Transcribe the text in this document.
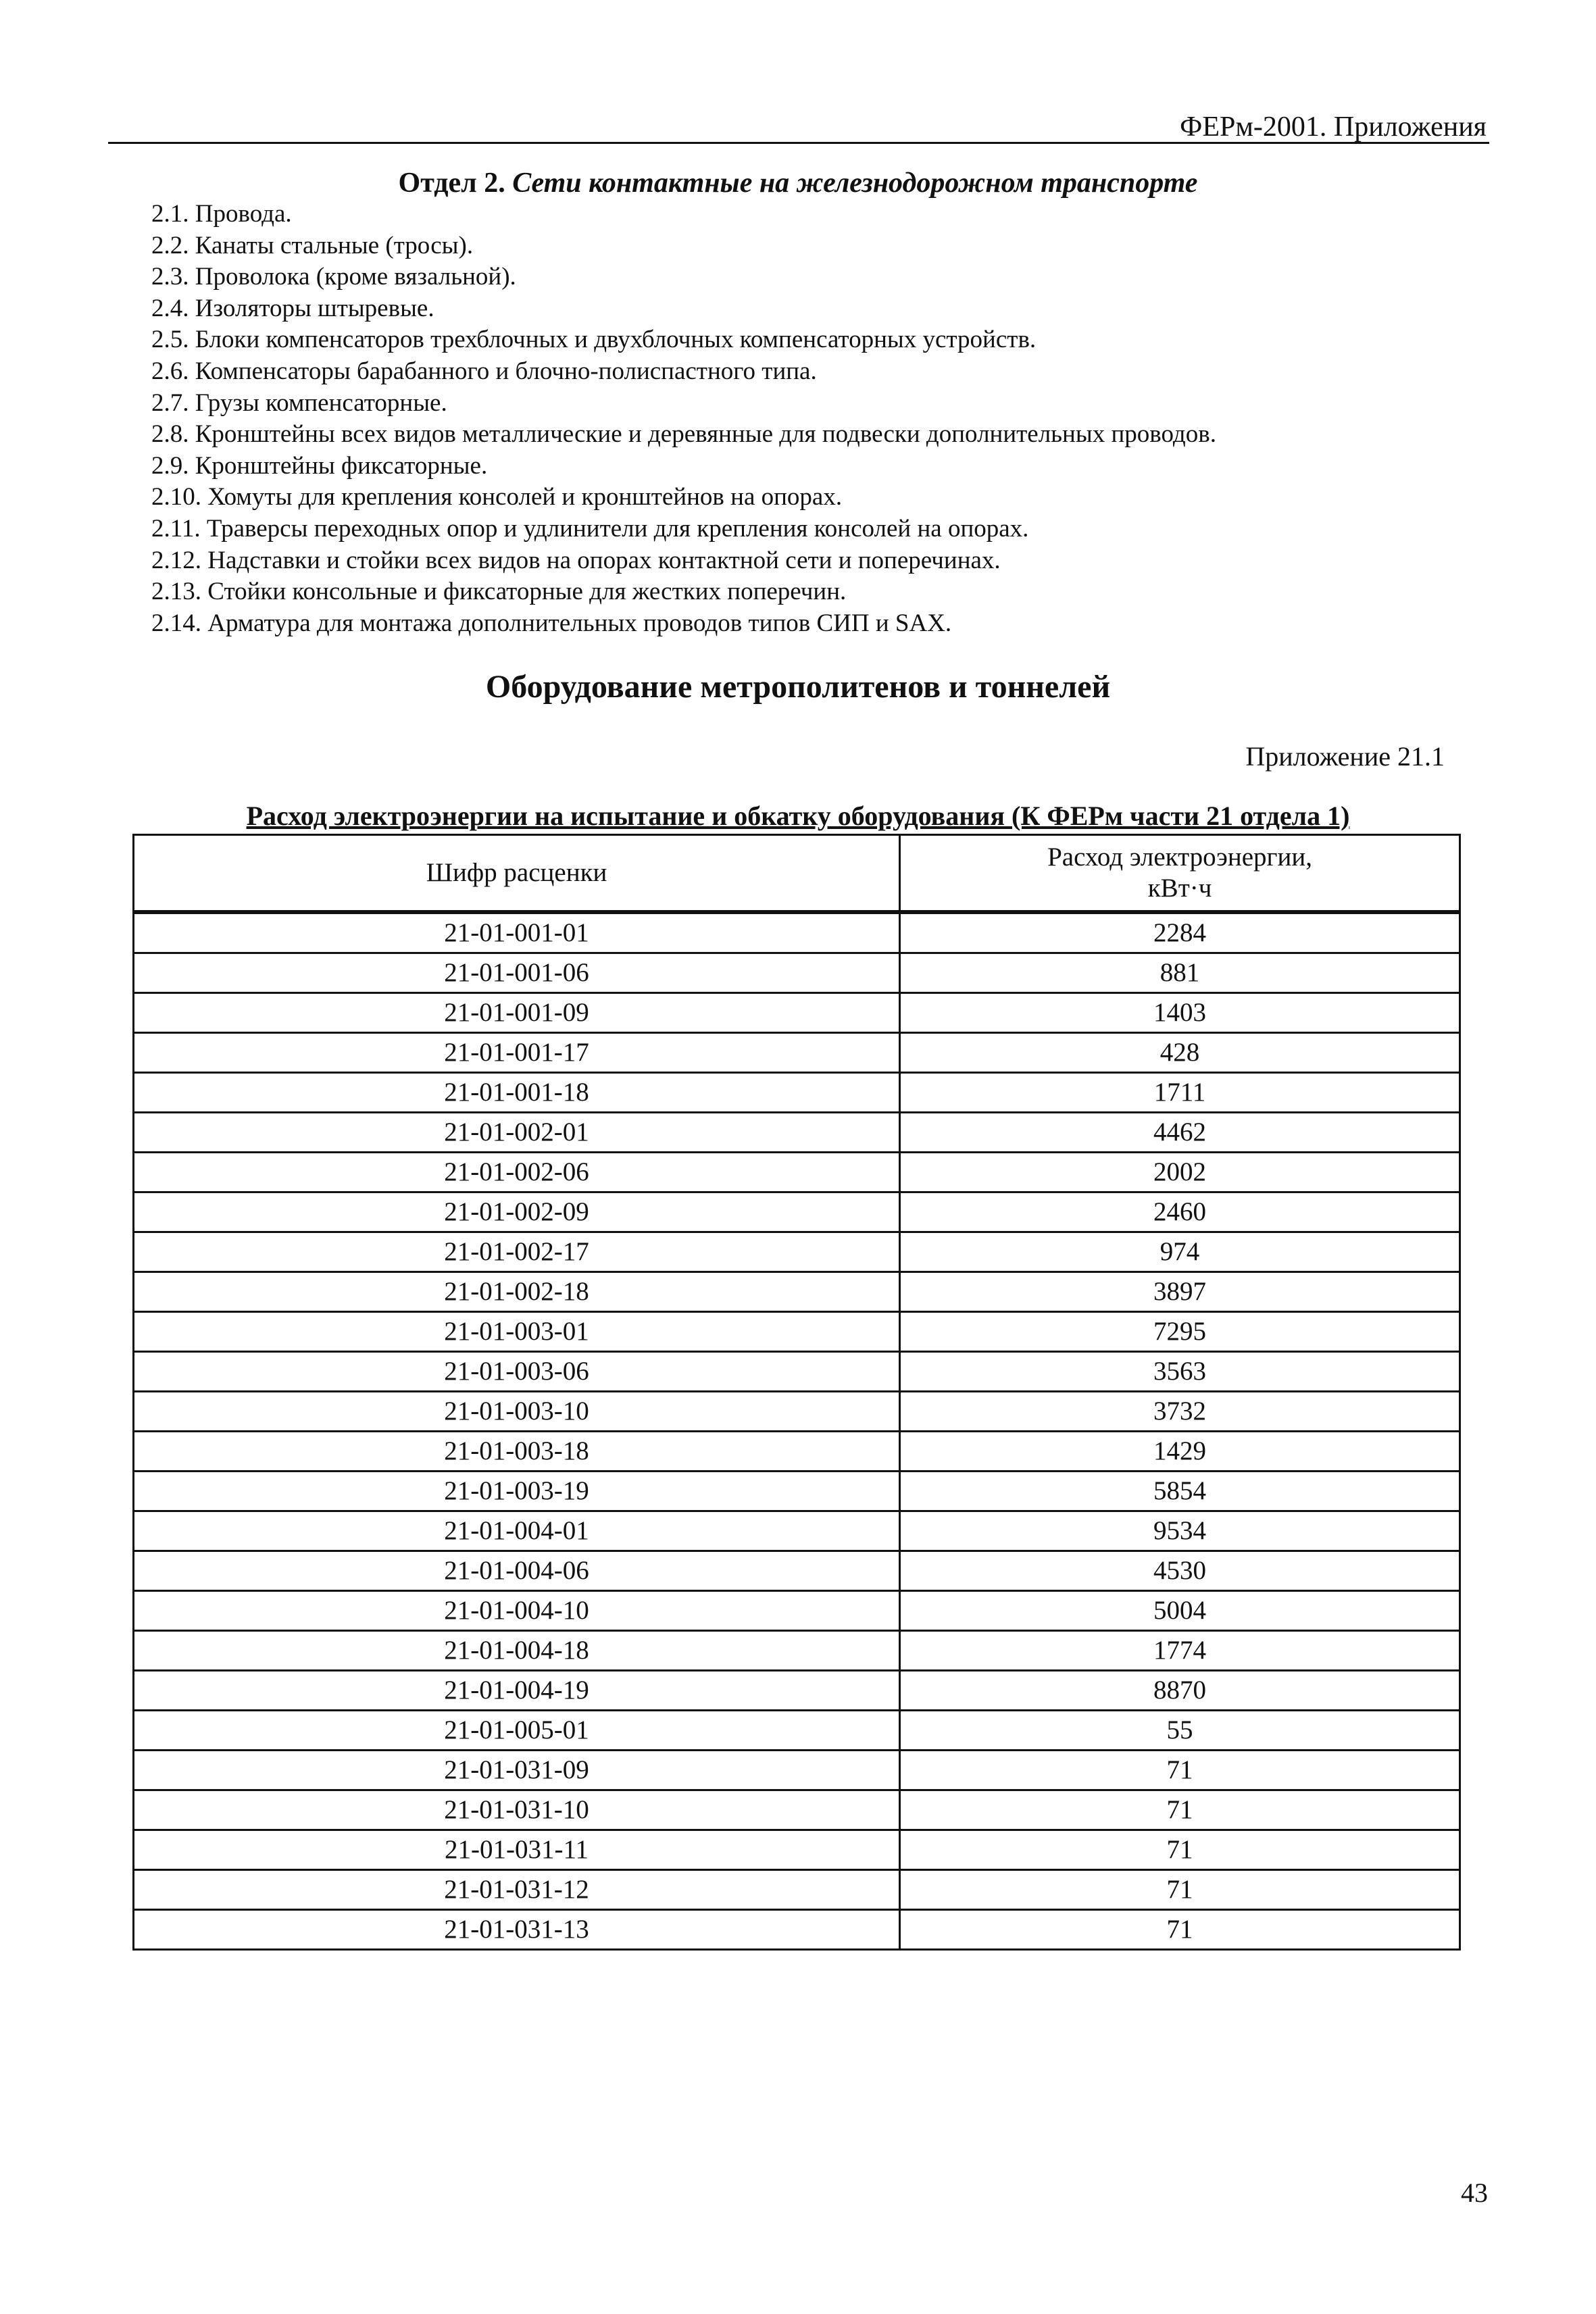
ФЕРм-2001. Приложения
Отдел 2. Сети контактные на железнодорожном транспорте
2.1. Провода.
2.2. Канаты стальные (тросы).
2.3. Проволока (кроме вязальной).
2.4. Изоляторы штыревые.
2.5. Блоки компенсаторов трехблочных и двухблочных компенсаторных устройств.
2.6. Компенсаторы барабанного и блочно-полиспастного типа.
2.7. Грузы компенсаторные.
2.8. Кронштейны всех видов металлические и деревянные для подвески дополнительных проводов.
2.9. Кронштейны фиксаторные.
2.10. Хомуты для крепления консолей и кронштейнов на опорах.
2.11. Траверсы переходных опор и удлинители для крепления консолей на опорах.
2.12. Надставки и стойки всех видов на опорах контактной сети и поперечинах.
2.13. Стойки консольные и фиксаторные для жестких поперечин.
2.14. Арматура для монтажа дополнительных проводов типов СИП и SAX.
Оборудование метрополитенов и тоннелей
Приложение 21.1
Расход электроэнергии на испытание и обкатку оборудования (К ФЕРм части 21 отдела 1)
Шифр расценки	Расход электроэнергии,
кВт·ч
21-01-001-01	2284
21-01-001-06	881
21-01-001-09	1403
21-01-001-17	428
21-01-001-18	1711
21-01-002-01	4462
21-01-002-06	2002
21-01-002-09	2460
21-01-002-17	974
21-01-002-18	3897
21-01-003-01	7295
21-01-003-06	3563
21-01-003-10	3732
21-01-003-18	1429
21-01-003-19	5854
21-01-004-01	9534
21-01-004-06	4530
21-01-004-10	5004
21-01-004-18	1774
21-01-004-19	8870
21-01-005-01	55
21-01-031-09	71
21-01-031-10	71
21-01-031-11	71
21-01-031-12	71
21-01-031-13	71
43
